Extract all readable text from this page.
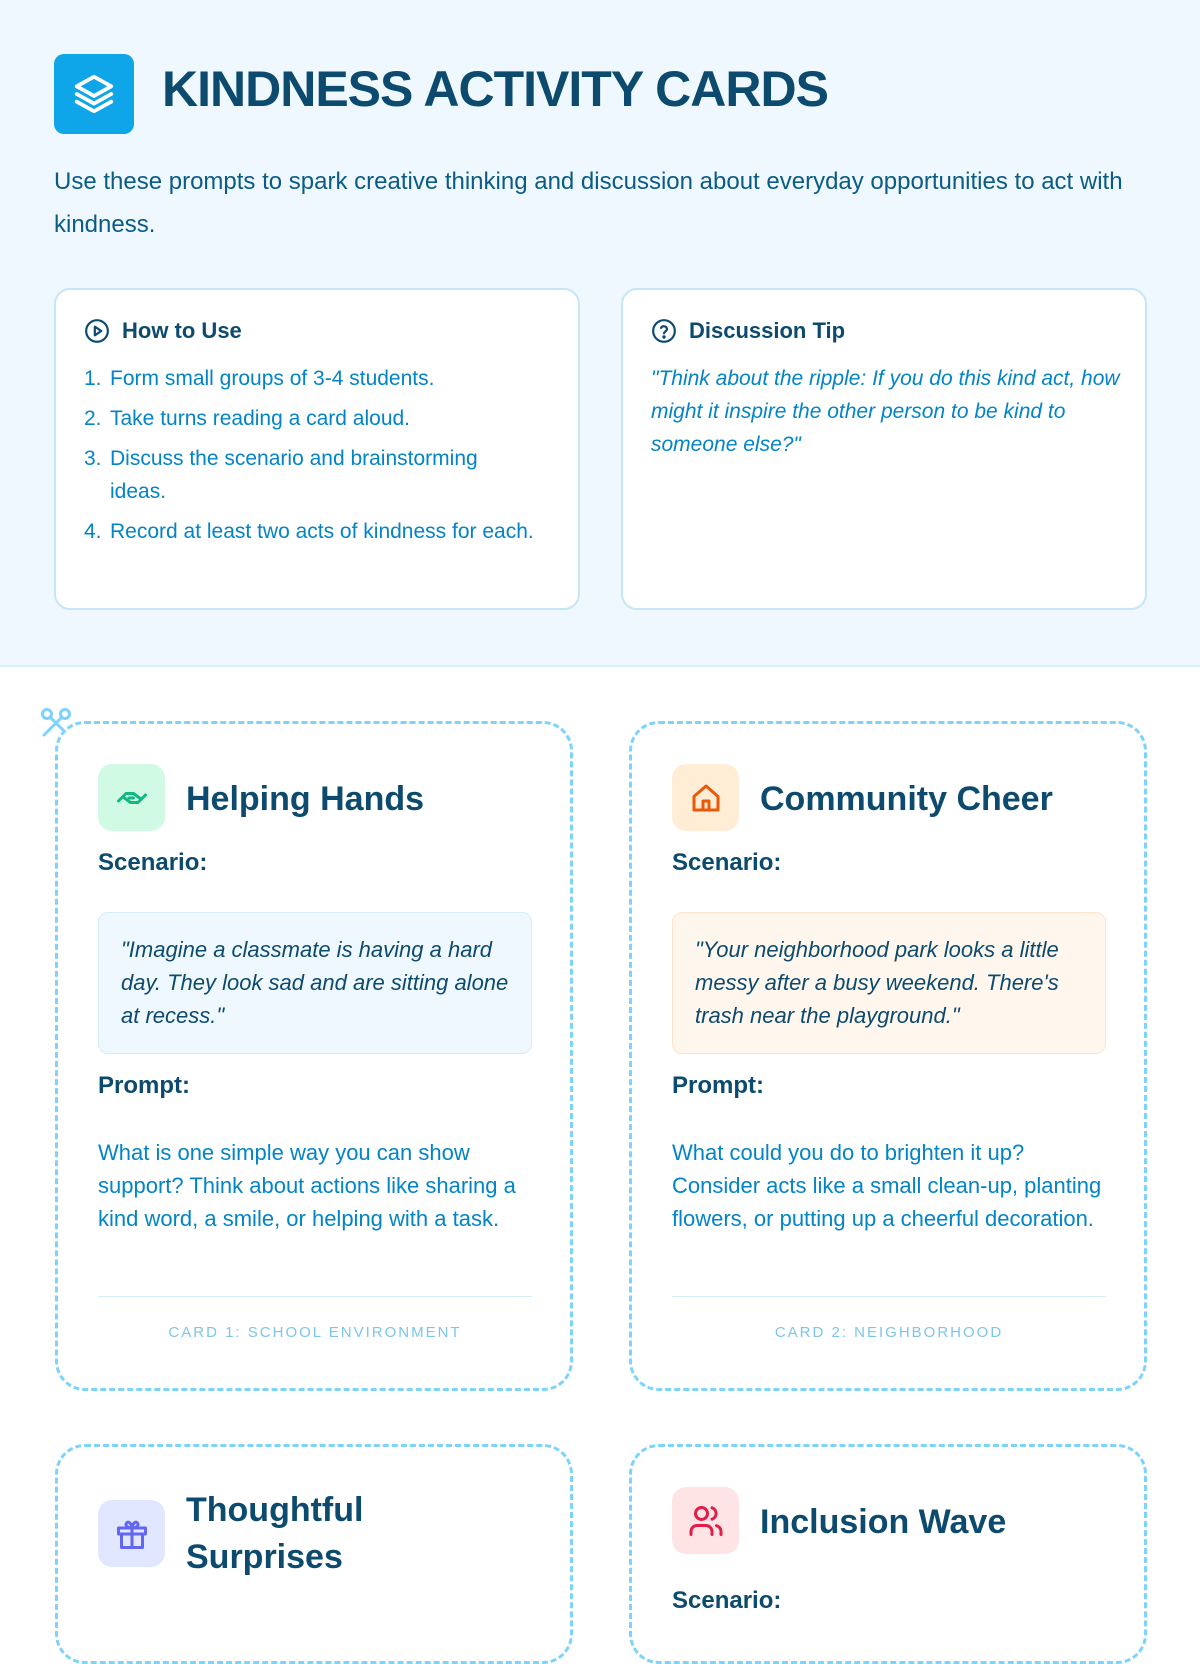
KINDNESS ACTIVITY CARDS

Use these prompts to spark creative thinking and discussion about everyday opportunities to act with kindness.

How to Use
1. Form small groups of 3-4 students.
2. Take turns reading a card aloud.
3. Discuss the scenario and brainstorming ideas.
4. Record at least two acts of kindness for each.
Discussion Tip

"Think about the ripple: If you do this kind act, how might it inspire the other person to be kind to someone else?"

Helping Hands
Scenario:
"Imagine a classmate is having a hard day. They look sad and are sitting alone at recess."
Prompt:
What is one simple way you can show support? Think about actions like sharing a kind word, a smile, or helping with a task.
CARD 1: SCHOOL ENVIRONMENT
Community Cheer
Scenario:
"Your neighborhood park looks a little messy after a busy weekend. There's trash near the playground."
Prompt:
What could you do to brighten it up? Consider acts like a small clean-up, planting flowers, or putting up a cheerful decoration.
CARD 2: NEIGHBORHOOD
Thoughtful Surprises
Inclusion Wave
Scenario:
